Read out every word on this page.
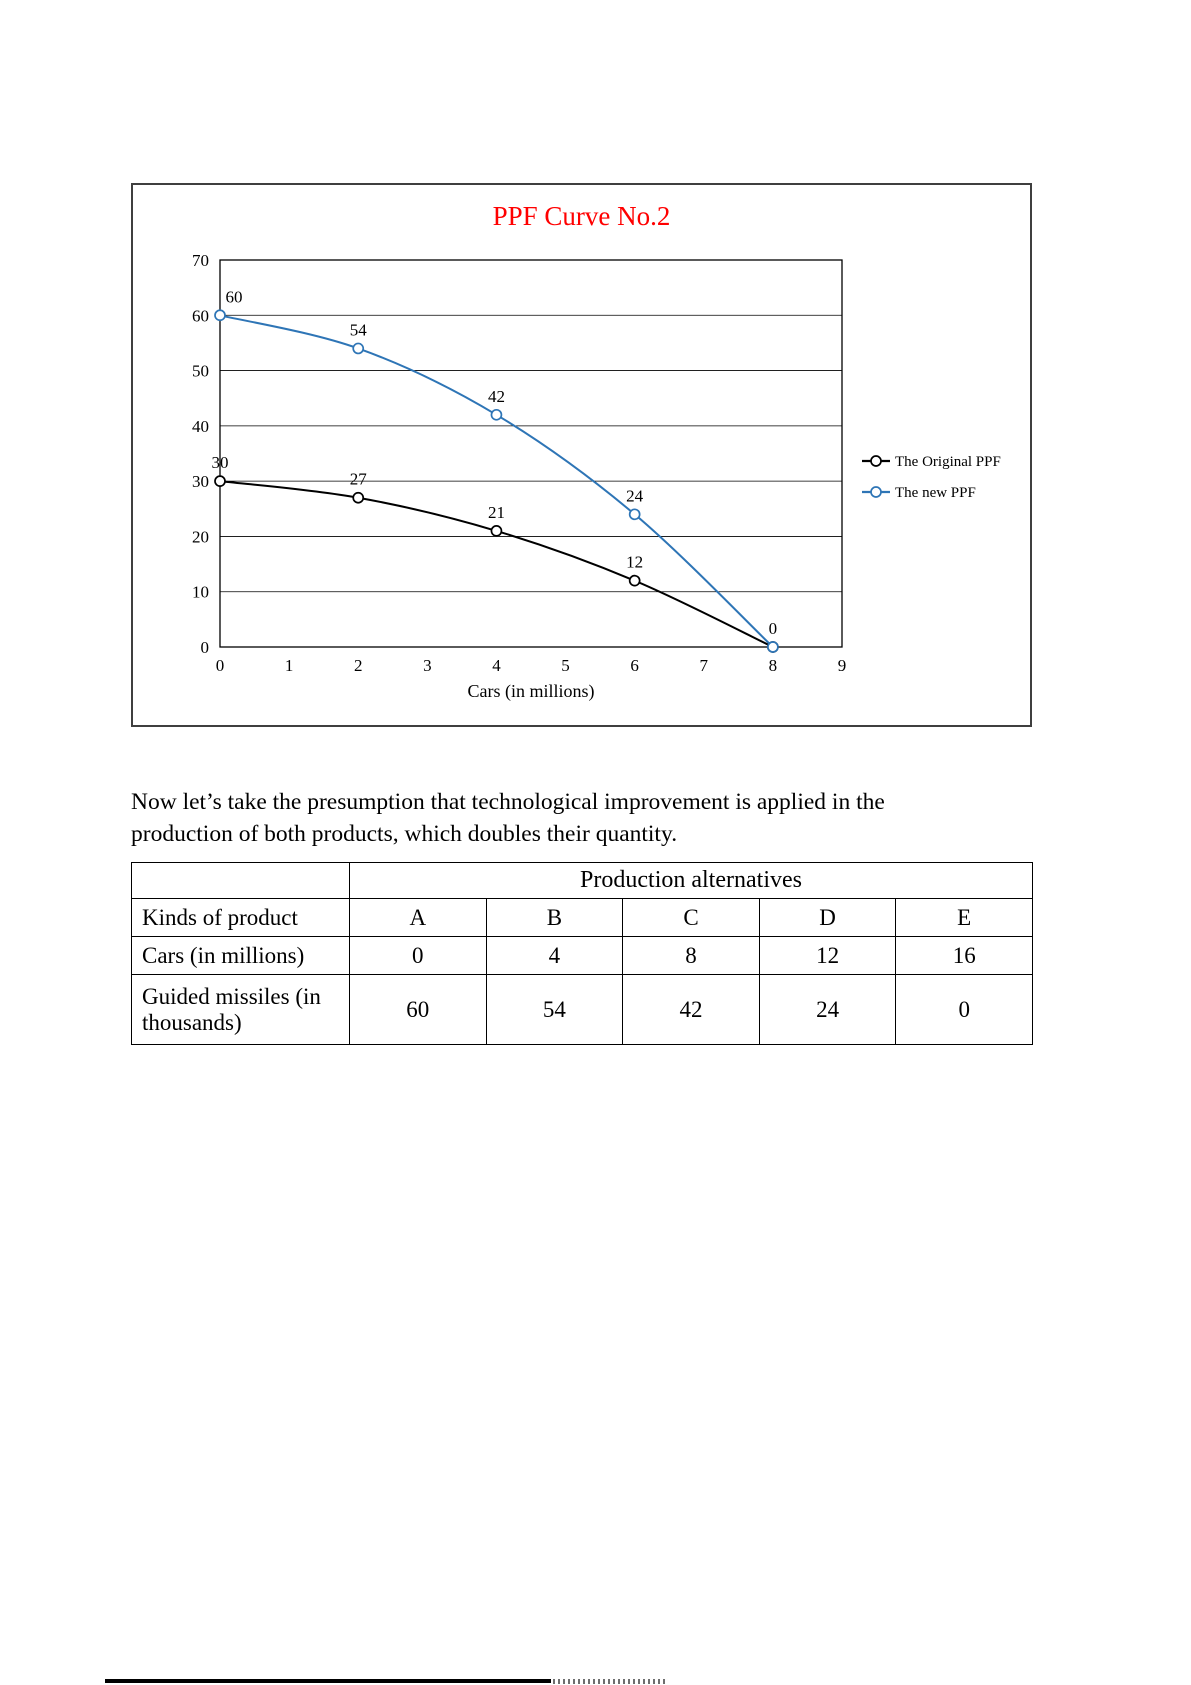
0
10
20
30
40
50
60
70
0	1	2	3	4	5	6	7	8	9
Cars (in millions)
30
27
21
12
60
54
42
24
0
The Original PPF
The new PPF
PPF Curve No.2
Now let’s take the presumption that technological improvement is applied in the
production of both products, which doubles their quantity.
	Production alternatives				
Kinds of product	A	B	C	D	E
Cars (in millions)	0	4	8	12	16
Guided missiles (in thousands)	60	54	42	24	0
